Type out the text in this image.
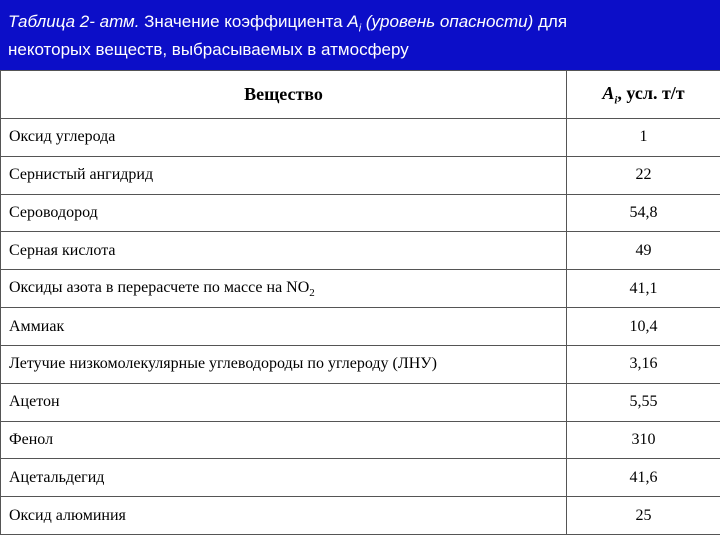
Таблица 2- атм. Значение коэффициента $A_i$ (уровень опасности) для
некоторых веществ, выбрасываемых в атмосферу
Вещество	$A_i$, усл. т/т
Оксид углерода	1
Сернистый ангидрид	22
Сероводород	54,8
Серная кислота	49
Оксиды азота в перерасчете по массе на $NO_2$	41,1
Аммиак	10,4
Летучие низкомолекулярные углеводороды по углероду (ЛНУ)	3,16
Ацетон	5,55
Фенол	310
Ацетальдегид	41,6
Оксид алюминия	25
